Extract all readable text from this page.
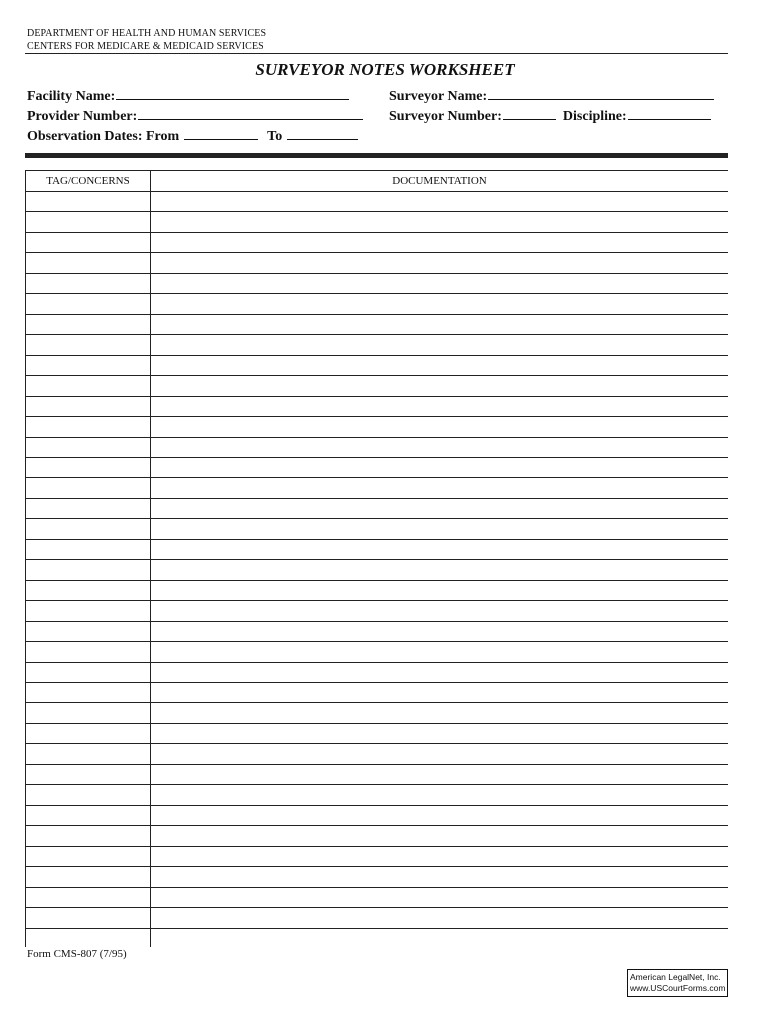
DEPARTMENT OF HEALTH AND HUMAN SERVICES
CENTERS FOR MEDICARE & MEDICAID SERVICES
SURVEYOR NOTES WORKSHEET
Facility Name:
Provider Number:
Observation Dates: From	To
Surveyor Name:
Surveyor Number:	Discipline:
TAG/CONCERNS	DOCUMENTATION
Form CMS-807 (7/95)
American LegalNet, Inc.
www.USCourtForms.com
